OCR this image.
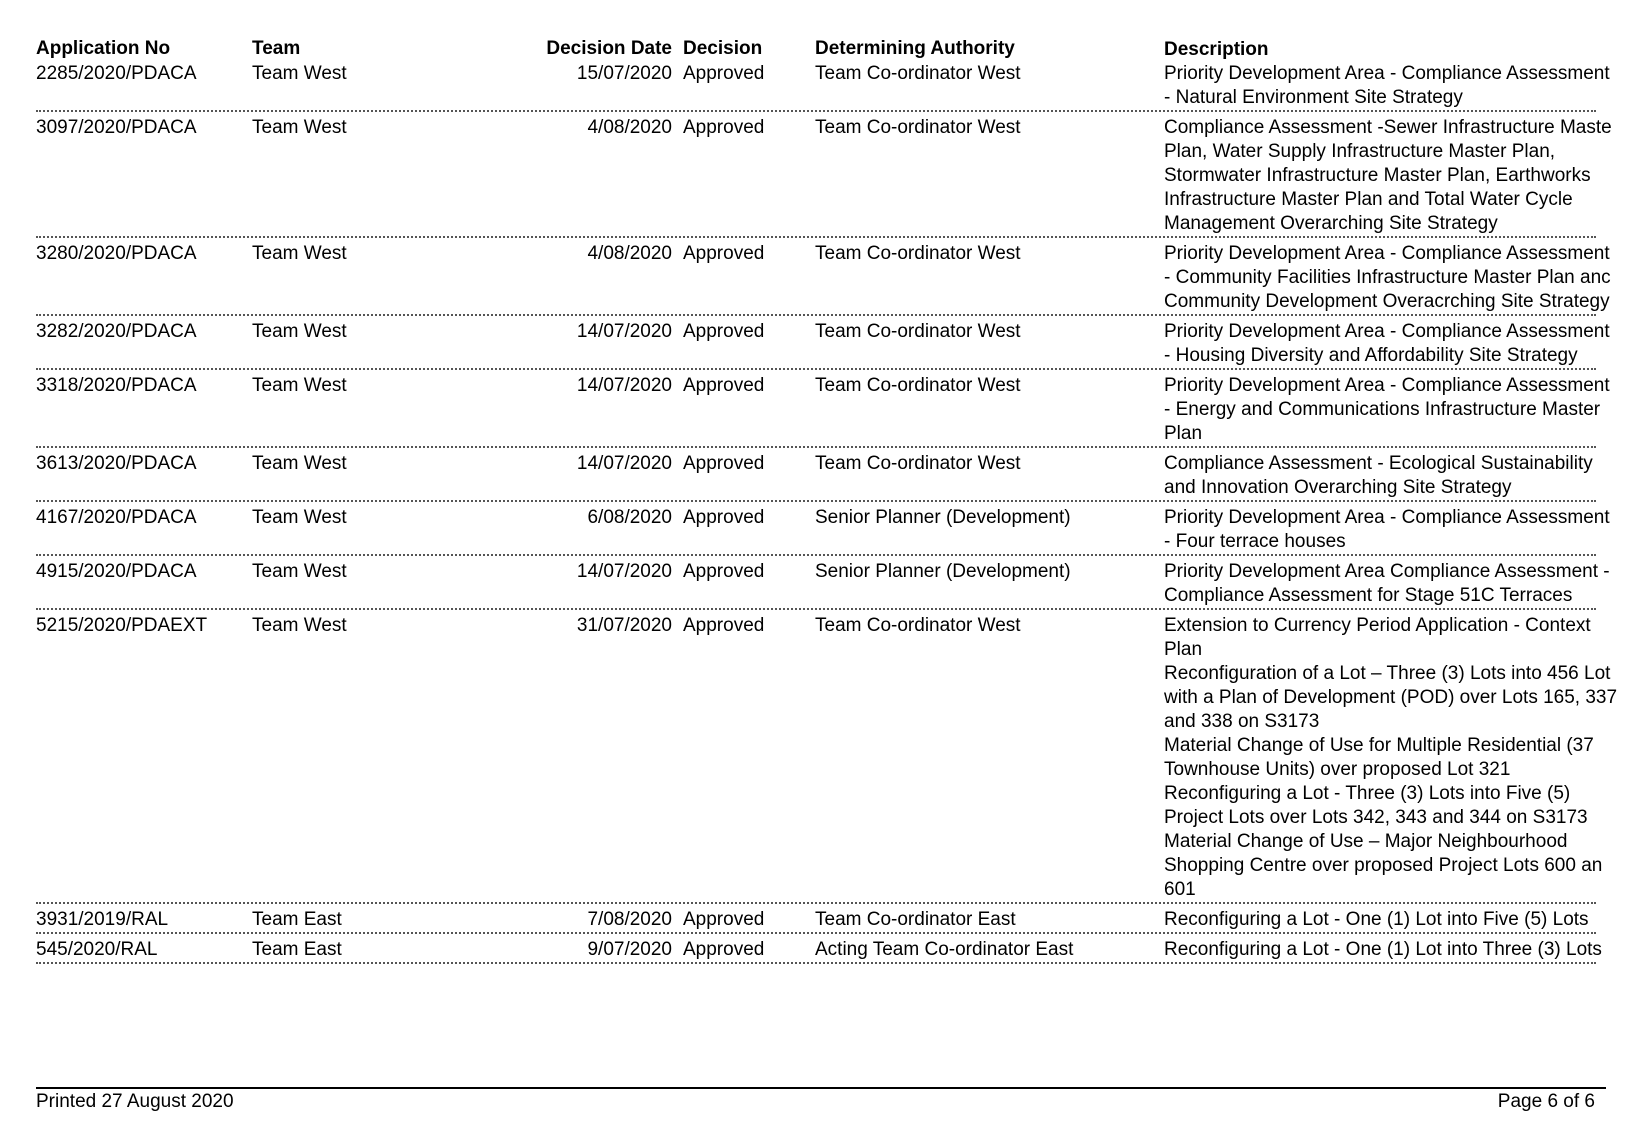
Application No	Team	Decision Date Decision	Determining Authority	Description
2285/2020/PDACA	Team West	15/07/2020 Approved	Team Co-ordinator West	Priority Development Area - Compliance Assessment
- Natural Environment Site Strategy
3097/2020/PDACA	Team West	4/08/2020 Approved	Team Co-ordinator West	Compliance Assessment -Sewer Infrastructure Maste
Plan, Water Supply Infrastructure Master Plan,
Stormwater Infrastructure Master Plan, Earthworks
Infrastructure Master Plan and Total Water Cycle
Management Overarching Site Strategy
3280/2020/PDACA	Team West	4/08/2020 Approved	Team Co-ordinator West	Priority Development Area - Compliance Assessment
- Community Facilities Infrastructure Master Plan anc
Community Development Overacrching Site Strategy
3282/2020/PDACA	Team West	14/07/2020 Approved	Team Co-ordinator West	Priority Development Area - Compliance Assessment
- Housing Diversity and Affordability Site Strategy
3318/2020/PDACA	Team West	14/07/2020 Approved	Team Co-ordinator West	Priority Development Area - Compliance Assessment
- Energy and Communications Infrastructure Master
Plan
3613/2020/PDACA	Team West	14/07/2020 Approved	Team Co-ordinator West	Compliance Assessment - Ecological Sustainability
and Innovation Overarching Site Strategy
4167/2020/PDACA	Team West	6/08/2020 Approved	Senior Planner (Development)	Priority Development Area - Compliance Assessment
- Four terrace houses
4915/2020/PDACA	Team West	14/07/2020 Approved	Senior Planner (Development)	Priority Development Area Compliance Assessment -
Compliance Assessment for Stage 51C Terraces
5215/2020/PDAEXT Team West	31/07/2020 Approved	Team Co-ordinator West	Extension to Currency Period Application - Context
Plan
Reconfiguration of a Lot – Three (3) Lots into 456 Lot
with a Plan of Development (POD) over Lots 165, 337
and 338 on S3173
Material Change of Use for Multiple Residential (37
Townhouse Units) over proposed Lot 321
Reconfiguring a Lot - Three (3) Lots into Five (5)
Project Lots over Lots 342, 343 and 344 on S3173
Material Change of Use – Major Neighbourhood
Shopping Centre over proposed Project Lots 600 an
601
3931/2019/RAL	Team East	7/08/2020 Approved	Team Co-ordinator East	Reconfiguring a Lot - One (1) Lot into Five (5) Lots
545/2020/RAL	Team East	9/07/2020 Approved	Acting Team Co-ordinator East	Reconfiguring a Lot - One (1) Lot into Three (3) Lots
Printed 27 August 2020	Page 6 of 6
